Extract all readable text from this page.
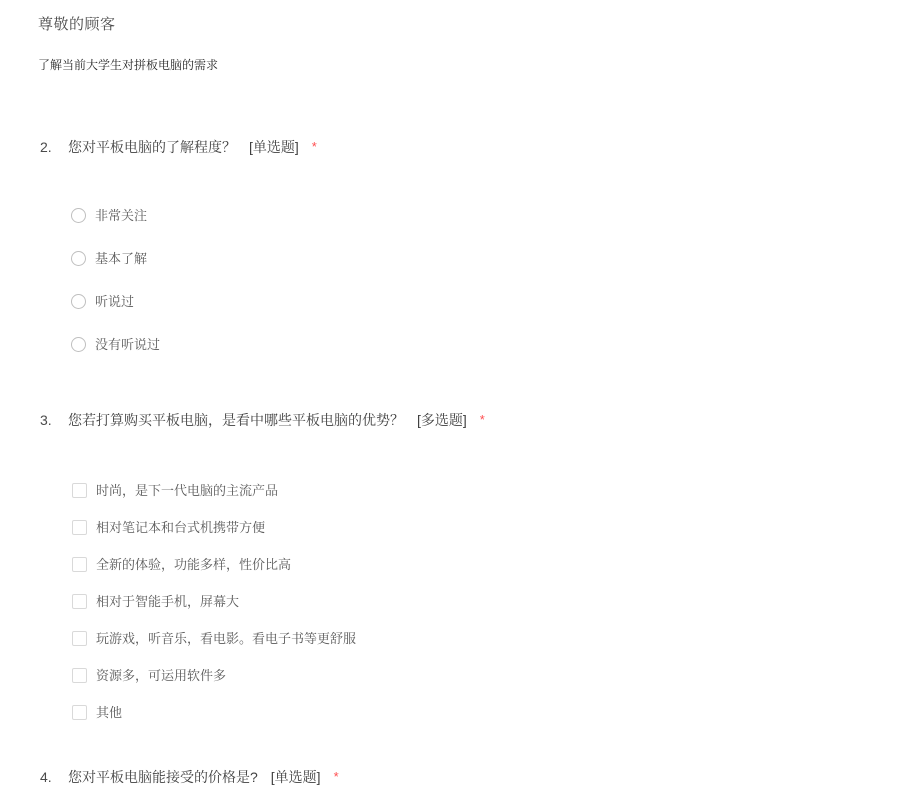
尊敬的顾客
了解当前大学生对拼板电脑的需求
2. 您对平板电脑的了解程度？ [单选题] *
非常关注
基本了解
听说过
没有听说过
3. 您若打算购买平板电脑，是看中哪些平板电脑的优势？ [多选题] *
时尚，是下一代电脑的主流产品
相对笔记本和台式机携带方便
全新的体验，功能多样，性价比高
相对于智能手机，屏幕大
玩游戏，听音乐，看电影。看电子书等更舒服
资源多，可运用软件多
其他
4. 您对平板电脑能接受的价格是? [单选题] *
